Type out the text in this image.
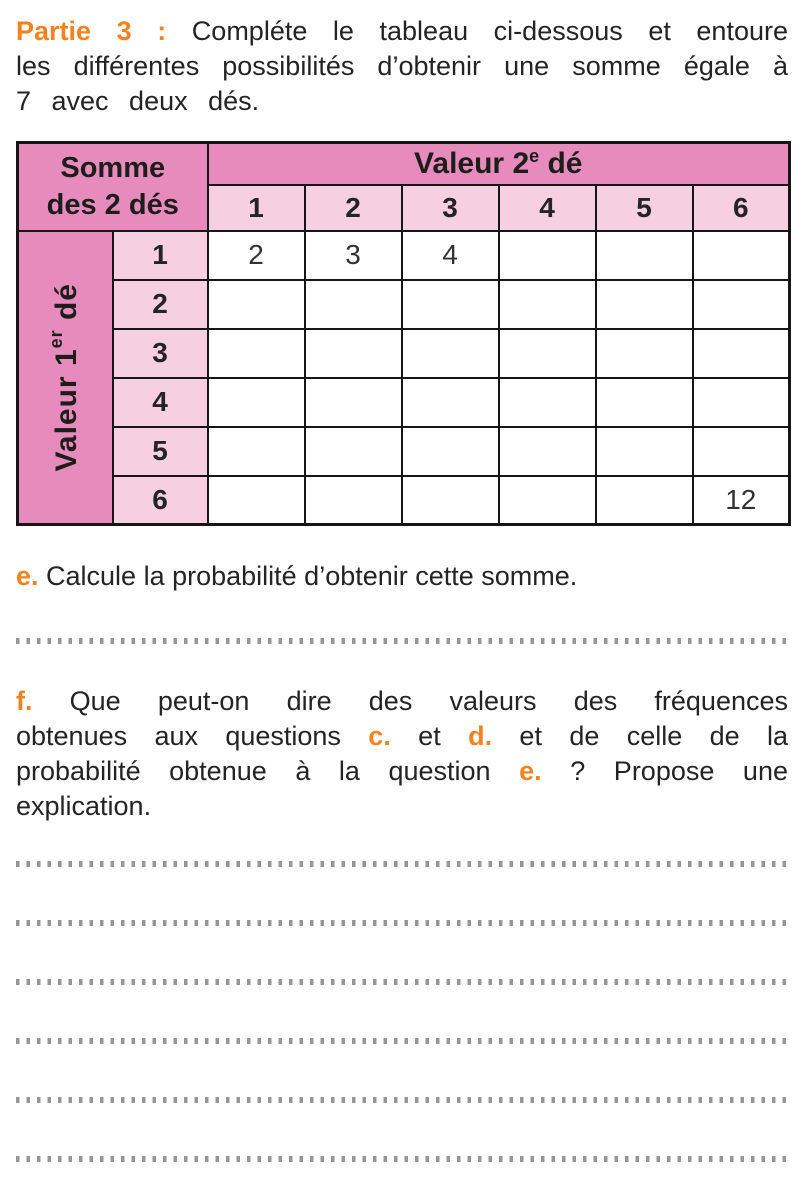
Partie 3 : Compléte le tableau ci-dessous et entoure les différentes possibilités d’obtenir une somme égale à 7 avec deux dés.

Somme
des 2 dés		Valeur 2e dé					
		1	2	3	4	5	6

Valeur 1er dé	1	2	3	4			
	2						
	3						
	4						
	5						
	6						12

e. Calcule la probabilité d’obtenir cette somme.

f. Que peut-on dire des valeurs des fréquences obtenues aux questions c. et d. et de celle de la probabilité obtenue à la question e. ? Propose une explication.
